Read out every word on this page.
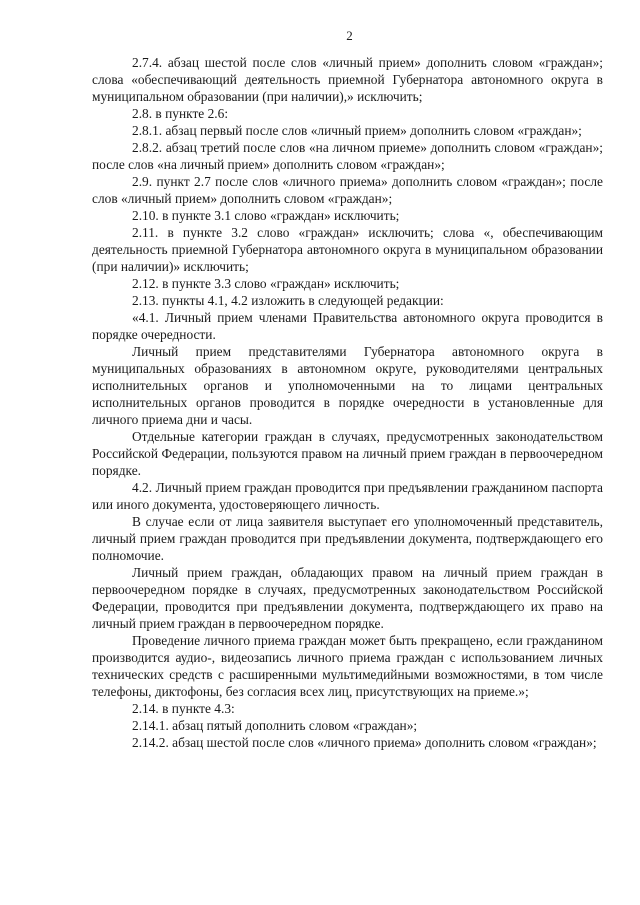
2

2.7.4. абзац шестой после слов «личный прием» дополнить словом «граждан»; слова «обеспечивающий деятельность приемной Губернатора автономного округа в муниципальном образовании (при наличии),» исключить;

2.8. в пункте 2.6:

2.8.1. абзац первый после слов «личный прием» дополнить словом «граждан»;

2.8.2. абзац третий после слов «на личном приеме» дополнить словом «граждан»; после слов «на личный прием» дополнить словом «граждан»;

2.9. пункт 2.7 после слов «личного приема» дополнить словом «граждан»; после слов «личный прием» дополнить словом «граждан»;

2.10. в пункте 3.1 слово «граждан» исключить;

2.11. в пункте 3.2 слово «граждан» исключить; слова «, обеспечивающим деятельность приемной Губернатора автономного округа в муниципальном образовании (при наличии)» исключить;

2.12. в пункте 3.3 слово «граждан» исключить;

2.13. пункты 4.1, 4.2 изложить в следующей редакции:

«4.1. Личный прием членами Правительства автономного округа проводится в порядке очередности.

Личный прием представителями Губернатора автономного округа в муниципальных образованиях в автономном округе, руководителями центральных исполнительных органов и уполномоченными на то лицами центральных исполнительных органов проводится в порядке очередности в установленные для личного приема дни и часы.

Отдельные категории граждан в случаях, предусмотренных законодательством Российской Федерации, пользуются правом на личный прием граждан в первоочередном порядке.

4.2. Личный прием граждан проводится при предъявлении гражданином паспорта или иного документа, удостоверяющего личность.

В случае если от лица заявителя выступает его уполномоченный представитель, личный прием граждан проводится при предъявлении документа, подтверждающего его полномочие.

Личный прием граждан, обладающих правом на личный прием граждан в первоочередном порядке в случаях, предусмотренных законодательством Российской Федерации, проводится при предъявлении документа, подтверждающего их право на личный прием граждан в первоочередном порядке.

Проведение личного приема граждан может быть прекращено, если гражданином производится аудио-, видеозапись личного приема граждан с использованием личных технических средств с расширенными мультимедийными возможностями, в том числе телефоны, диктофоны, без согласия всех лиц, присутствующих на приеме.»;

2.14. в пункте 4.3:

2.14.1. абзац пятый дополнить словом «граждан»;

2.14.2. абзац шестой после слов «личного приема» дополнить словом «граждан»;
